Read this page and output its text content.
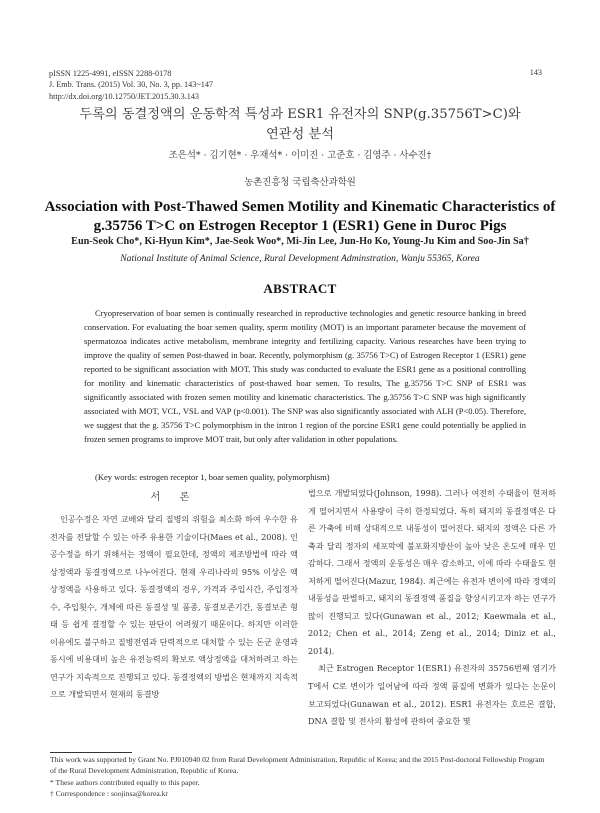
pISSN 1225-4991, eISSN 2288-0178
J. Emb. Trans. (2015) Vol. 30, No. 3, pp. 143~147
http://dx.doi.org/10.12750/JET.2015.30.3.143
143
두록의 동결정액의 운동학적 특성과 ESR1 유전자의 SNP(g.35756T>C)와
연관성 분석
조은석* · 김기현* · 우재석* · 이미진 · 고준호 · 김영주 · 사수진†
농촌진흥청 국립축산과학원
Association with Post-Thawed Semen Motility and Kinematic Characteristics of
g.35756 T>C on Estrogen Receptor 1 (ESR1) Gene in Duroc Pigs
Eun-Seok Cho*, Ki-Hyun Kim*, Jae-Seok Woo*, Mi-Jin Lee, Jun-Ho Ko, Young-Ju Kim and Soo-Jin Sa†
National Institute of Animal Science, Rural Development Adminstration, Wanju 55365, Korea
ABSTRACT

Cryopreservation of boar semen is continually researched in reproductive technologies and genetic resource banking in breed conservation. For evaluating the boar semen quality, sperm motility (MOT) is an important parameter because the movement of spermatozoa indicates active metabolism, membrane integrity and fertilizing capacity. Various researches have been trying to improve the quality of semen Post-thawed in boar. Recently, polymorphism (g. 35756 T>C) of Estrogen Receptor 1 (ESR1) gene reported to be significant association with MOT. This study was conducted to evaluate the ESR1 gene as a positional controlling for motility and kinematic characteristics of post-thawed boar semen. To results, The g.35756 T>C SNP of ESR1 was significantly associated with frozen semen motility and kinematic characteristics. The g.35756 T>C SNP was high significantly associated with MOT, VCL, VSL and VAP (p<0.001). The SNP was also significantly associated with ALH (P<0.05). Therefore, we suggest that the g. 35756 T>C polymorphism in the intron 1 region of the porcine ESR1 gene could potentially be applied in frozen semen programs to improve MOT trait, but only after validation in other populations.

(Key words: estrogen receptor 1, boar semen quality, polymorphism)
서 론

인공수정은 자연 교배와 달리 질병의 위험을 최소화 하여 우수한 유전자를 전달할 수 있는 아주 유용한 기술이다(Maes et al., 2008). 인공수정을 하기 위해서는 정액이 필요한데, 정액의 제조방법에 따라 액상정액과 동결정액으로 나누어진다. 현재 우리나라의 95% 이상은 액상정액을 사용하고 있다. 동결정액의 경우, 가격과 주입시간, 주입정자수, 주입횟수, 개체에 따른 동결성 및 품종, 동결보존기간, 동결보존 형태 등 쉽게 결정할 수 있는 판단이 어려웠기 때문이다. 하지만 이러한 이유에도 불구하고 질병전염과 단력적으로 대처할 수 있는 돈군 운영과 동시에 비용대비 높은 유전능력의 확보로 액상정액을 대처하려고 하는 연구가 지속적으로 진행되고 있다. 동결정액의 방법은 현재까지 지속적으로 개발되면서 현재의 동결방

법으로 개발되었다(Johnson, 1998). 그러나 여전히 수태율이 현저하게 떨어지면서 사용량이 극히 한정되었다. 특히 돼지의 동결정액은 다른 가축에 비해 상대적으로 내동성이 떨어진다. 돼지의 정액은 다른 가축과 달리 정자의 세포막에 불포화지방산이 높아 낮은 온도에 매우 민감하다. 그래서 정액의 운동성은 매우 감소하고, 이에 따라 수태율도 현저하게 떨어진다(Mazur, 1984). 최근에는 유전자 변이에 따라 정액의 내동성을 판별하고, 돼지의 동결정액 품질을 향상시키고자 하는 연구가 많이 진행되고 있다(Gunawan et al., 2012; Kaewmala et al., 2012; Chen et al., 2014; Zeng et al., 2014; Diniz et al., 2014).

최근 Estrogen Receptor 1(ESR1) 유전자의 35756번째 염기가 T에서 C로 변이가 일어남에 따라 정액 품질에 변화가 있다는 논문이 보고되었다(Gunawan et al., 2012). ESR1 유전자는 호르몬 결합, DNA 결합 및 전사의 활성에 관하여 중요한 몇

This work was supported by Grant No. PJ010940 02 from Rural Development Administration, Republic of Korea; and the 2015 Post-doctoral Fellowship Program of the Rural Development Administration, Republic of Korea.

* These authors contributed equally to this paper.

† Correspondence : soojinsa@korea.kr
